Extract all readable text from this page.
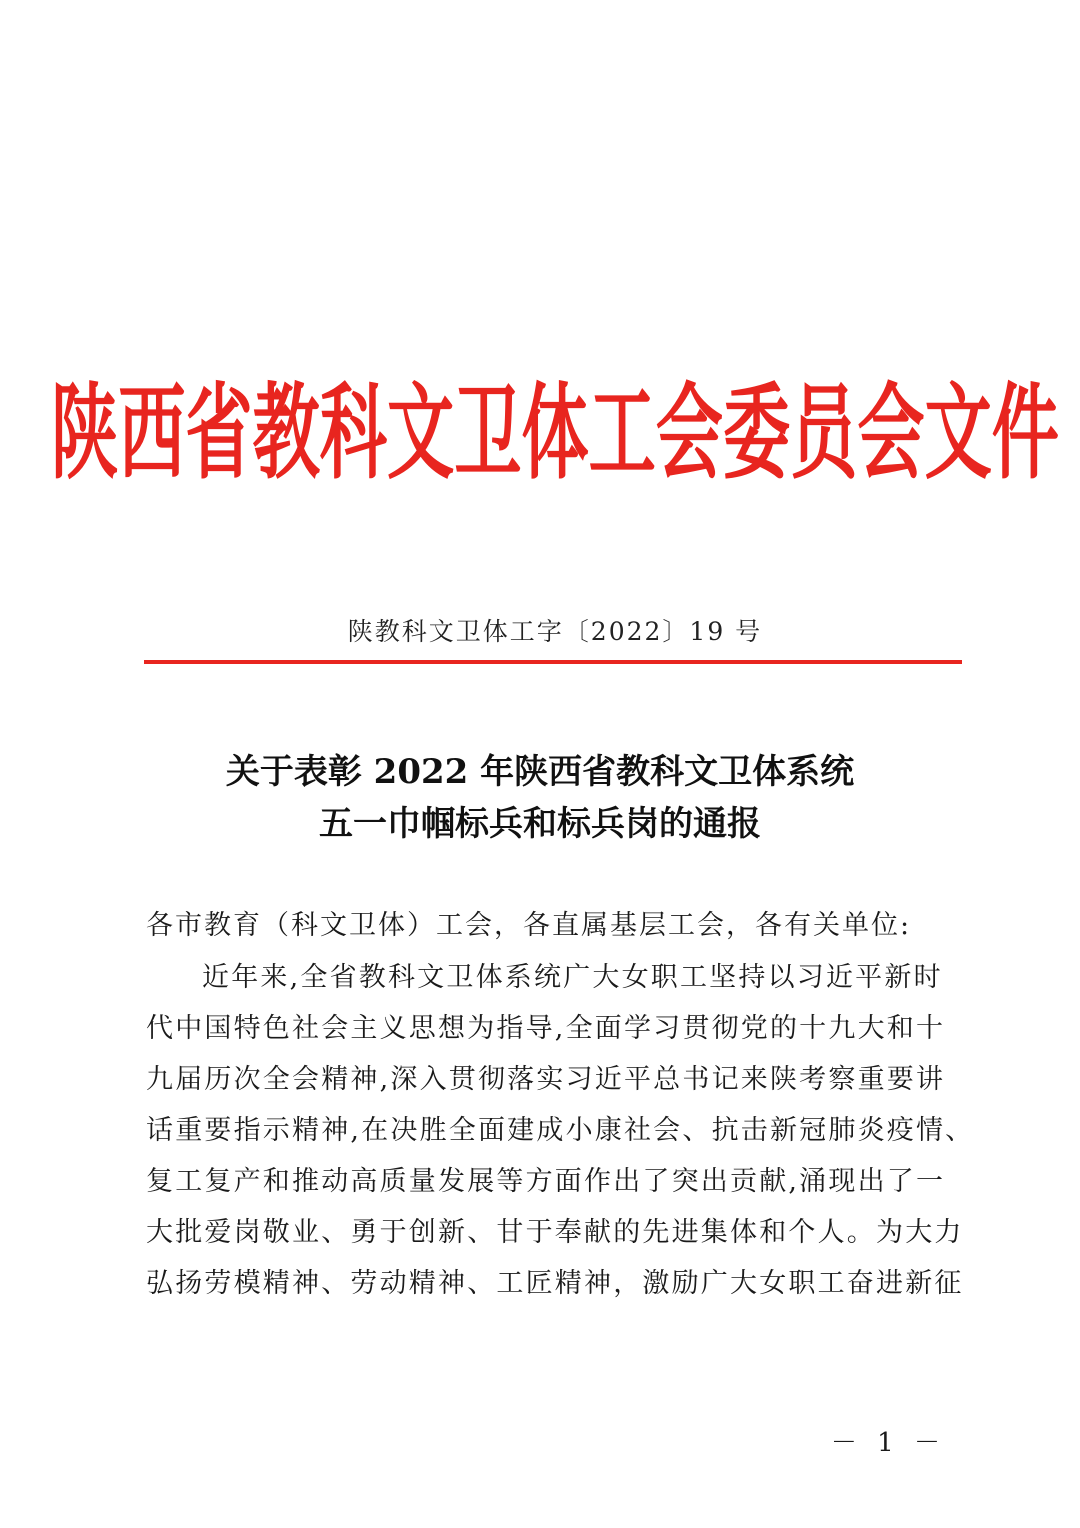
陕西省教科文卫体工会委员会文件
陕教科文卫体工字〔2022〕19 号
关于表彰 2022 年陕西省教科文卫体系统
五一巾帼标兵和标兵岗的通报
各市教育（科文卫体）工会，各直属基层工会，各有关单位:
近年来,全省教科文卫体系统广大女职工坚持以习近平新时
代中国特色社会主义思想为指导,全面学习贯彻党的十九大和十
九届历次全会精神,深入贯彻落实习近平总书记来陕考察重要讲
话重要指示精神,在决胜全面建成小康社会、抗击新冠肺炎疫情、
复工复产和推动高质量发展等方面作出了突出贡献,涌现出了一
大批爱岗敬业、勇于创新、甘于奉献的先进集体和个人。为大力
弘扬劳模精神、劳动精神、工匠精神，激励广大女职工奋进新征
－ 1 －
